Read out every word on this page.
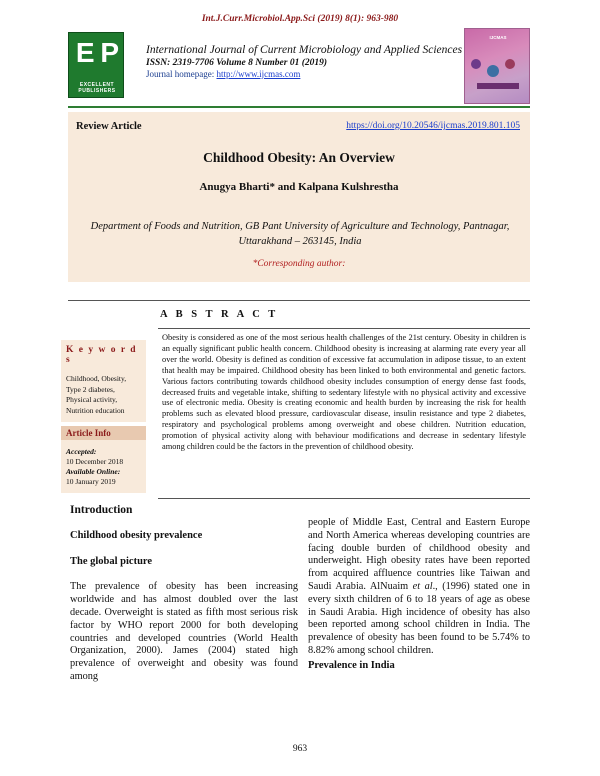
Int.J.Curr.Microbiol.App.Sci (2019) 8(1): 963-980
E P
EXCELLENT PUBLISHERS
International Journal of Current Microbiology and Applied Sciences
ISSN: 2319-7706 Volume 8 Number 01 (2019)
Journal homepage: http://www.ijcmas.com
IJCMAS
Review Article	https://doi.org/10.20546/ijcmas.2019.801.105
Childhood Obesity: An Overview
Anugya Bharti* and Kalpana Kulshrestha
Department of Foods and Nutrition, GB Pant University of Agriculture and Technology, Pantnagar, Uttarakhand – 263145, India
*Corresponding author:
A B S T R A C T
K e y w o r d s
Childhood, Obesity, Type 2 diabetes, Physical activity, Nutrition education
Article Info
Accepted:
10 December 2018
Available Online:
10 January 2019
Obesity is considered as one of the most serious health challenges of the 21st century. Obesity in children is an equally significant public health concern. Childhood obesity is increasing at alarming rate every year all over the world. Obesity is defined as condition of excessive fat accumulation in adipose tissue, to an extent that health may be impaired. Childhood obesity has been linked to both environmental and genetic factors. Various factors contributing towards childhood obesity includes consumption of energy dense fast foods, decreased fruits and vegetable intake, shifting to sedentary lifestyle with no physical activity and excessive use of electronic media. Obesity is creating economic and health burden by increasing the risk for health problems such as elevated blood pressure, cardiovascular disease, insulin resistance and type 2 diabetes, respiratory and psychological problems among overweight and obese children. Nutrition education, promotion of physical activity along with behaviour modifications and decrease in sedentary lifestyle among children could be the factors in the prevention of childhood obesity.
Introduction
Childhood obesity prevalence
The global picture

The prevalence of obesity has been increasing worldwide and has almost doubled over the last decade. Overweight is stated as fifth most serious risk factor by WHO report 2000 for both developing countries and developed countries (World Health Organization, 2000). James (2004) stated high prevalence of overweight and obesity was found among

people of Middle East, Central and Eastern Europe and North America whereas developing countries are facing double burden of childhood obesity and underweight. High obesity rates have been reported from acquired affluence countries like Taiwan and Saudi Arabia. AlNuaim et al., (1996) stated one in every sixth children of 6 to 18 years of age as obese in Saudi Arabia. High incidence of obesity has also been reported among school children in India. The prevalence of obesity has been found to be 5.74% to 8.82% among school children.

Prevalence in India
963
